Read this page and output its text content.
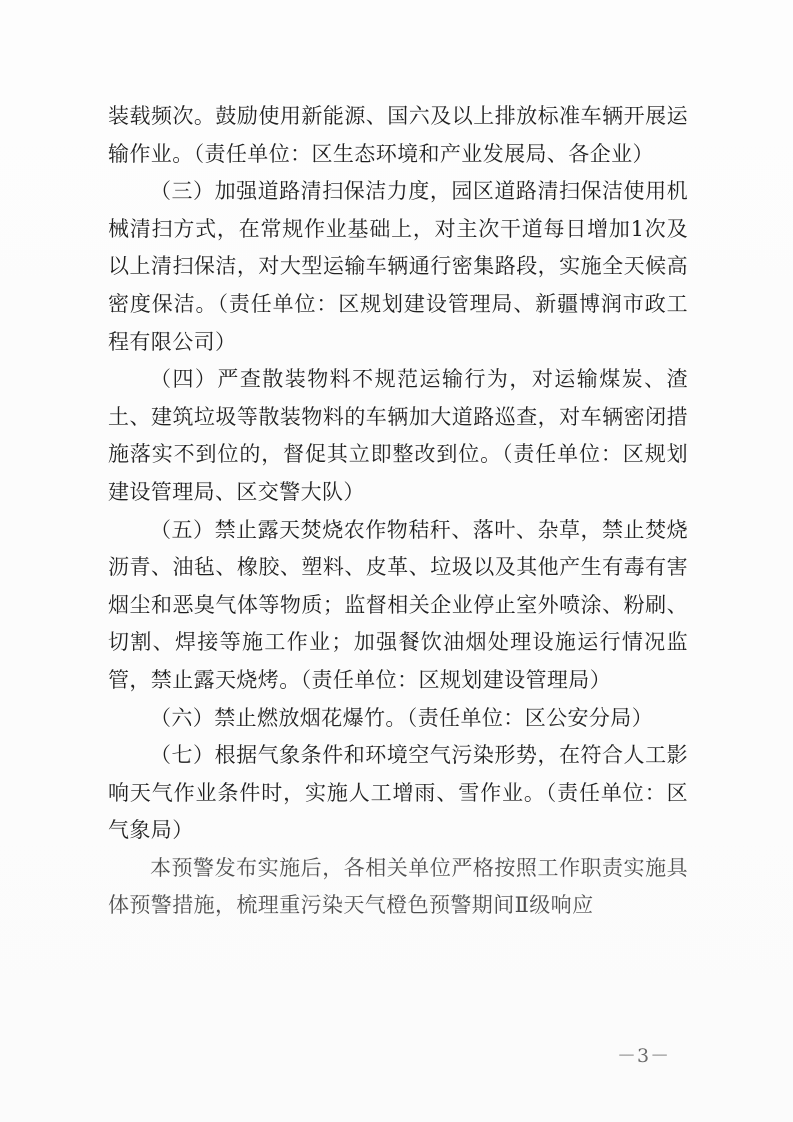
装载频次。鼓励使用新能源、国六及以上排放标准车辆开展运输作业。（责任单位：区生态环境和产业发展局、各企业）

（三）加强道路清扫保洁力度，园区道路清扫保洁使用机械清扫方式，在常规作业基础上，对主次干道每日增加1次及以上清扫保洁，对大型运输车辆通行密集路段，实施全天候高密度保洁。（责任单位：区规划建设管理局、新疆博润市政工程有限公司）

（四）严查散装物料不规范运输行为，对运输煤炭、渣土、建筑垃圾等散装物料的车辆加大道路巡查，对车辆密闭措施落实不到位的，督促其立即整改到位。（责任单位：区规划建设管理局、区交警大队）

（五）禁止露天焚烧农作物秸秆、落叶、杂草，禁止焚烧沥青、油毡、橡胶、塑料、皮革、垃圾以及其他产生有毒有害烟尘和恶臭气体等物质；监督相关企业停止室外喷涂、粉刷、切割、焊接等施工作业；加强餐饮油烟处理设施运行情况监管，禁止露天烧烤。（责任单位：区规划建设管理局）

（六）禁止燃放烟花爆竹。（责任单位：区公安分局）

（七）根据气象条件和环境空气污染形势，在符合人工影响天气作业条件时，实施人工增雨、雪作业。（责任单位：区气象局）

本预警发布实施后，各相关单位严格按照工作职责实施具体预警措施，梳理重污染天气橙色预警期间Ⅱ级响应

－3－
